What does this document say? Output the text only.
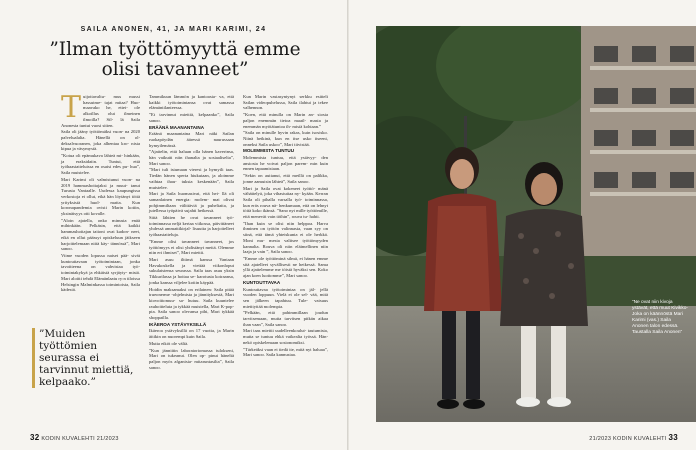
SAILA ANONEN, 41, JA MARI KARIMI, 24
”Ilman työttömyyttä emme olisi tavanneet”
T uijottavaltu- mus mussi hassutme- tajat mitaa? Huo- maavako he, ettei- ole alkoillus olut ilmeinen ilmoilla? Sil- lä Saila Anonesta tuntui vuosi sitten.

Saila oli jääny työttömäksi vuon- na 2020 palvelualalta. Hänellä on ol- deksalvuoranen, joka alhentaa kro- nista kipua ja väsymystä.

”Kotua oli epämukava lähteä mi- hinkään, ja eraksidaiin. Tuntui, että työhaastatteluissa en osaisi edes pu- hua”, Saila muistelee.

Mari Karimi oli valmistunut vuon- na 2019 hammashoitajaksi ja muut- tanut Turusta Vantaalle. Uudessa kaupungissa verkostoja ei ollut, eikä hän löytänyt töitä yrityksistä huol- matta. Kun koronapandemia ovisti Marin kotiin, yksinäisyys otti kovalle.

”Aloin ajatella, onko minusta enää mihinkään. Pelkäsin, että kaikki hammashoitajan taitoni ovat kadon- neet, eikä en ollut päässyt opiskeluun jäikseen harjoittelemaan niitä käy- tännössä”, Mari sanoo.

Viime vuoden lopussa naiset pää- sivät kuntouttavaan työtoimintaan, jonka tavoitteena on vahvistaa työ- toimintakykyä ja ehkäistä syrjäyty- mistä. Mari aloitti tehdä Elämänlaatu ry:n tiloissa Helsingin Malminkassa toimintoista, Saila kädestä.

Tammikuun lämmön ja kantoasta- va, että kaikki työtoimintansa ovat samassa elämäntilanteessa.

”Et tarvinnut miettiä, kelpaanko”, Saila sanoo.

ERÄÄNÄ MAANANTAINA

Eräänä maanantaina Mari näki Sailan ruokapöydän ääressä naurussaan hymyilemässä.

”Ajattelin, että haluan olla hänen kaverinsa, hän vaikutti niin ihanalta ja sosiaaliselta”, Mari sanoo.

”Mari tuli istumaan vieresi ja hymyili taas. Tiedän hänen sperta hiukutaan, ja aloimme vaihtaa ihau- tuksia keskenään”, Saila muistelee.

Mari ja Saila huomasivat, että hei- llä oli samanlainen energia: molem- mat olivat pohjimmiltaan välittäviä ja puheliaita, ja jutellessa työpäivä sujahti hetkessä.

Siitä lähtien he ovat tavanneet työ- toiminnassa neljä kertaa viikossa, päivittäneet yhdessä ammattikirjal- lisuutta ja harjoitelleet työhaastatteluja.

”Emme olisi tavanneet tavanneet, jos työttömyys ei olisi yhdistänyt meitä. Olemme niin eri ihmiset”, Mari miettii.

Mari asuu ilttimä kanssa Vantaan Havukoskella ja viettää viikonloput sukulaistensa seurassa. Saila taas asuu yksin Tikkurilassa ja hoitaa se- karotusta koiraansa, jonka kanssa viljelee kotiin käypää.

Hoidin maksamaksi on erilainen: Saila pitää trueonerme -ohjelmista ja jännityksestä, Mari kiovoittomuu- sa- hutuu. Saila kuuntelee rauhoitteluta ja tykkää muistella, Mari K-pop- pia. Saila sanoo olevansa pihi, Mari tykkää shoppailla.

IKÄEROA YSTÄVYKSILLÄ

Ikäeroa ystävyksillä on 17 vuotta, ja Marin äitikin on nuorempi kuin Saila.

Mutta eiköt ole väliä.

”Kun jänniitin laboratoriomassa tulokseni, Mari on tukeanut. Olen op- pinut häneltä paljon myös afganisia- mitaruntasilta”, Saila sanoo.

Kun Marin vastasyntynyt serkku esitteli Sailan videopuhelussa, Saila ilahtui ja tekee valhennon.

”Koen, että minulla on Marin an- siosta paljon enemmän tietoa maail- masta ja enemmän myötätuntoa ih- misiä kohtaan.”

”Saila on minulle hyvin rakas, kuin isosisko. Niinä hetkinä, kun en itse usko itseeni, onneksi Saila uskoo”, Mari tiivistää.

MOLEMMISTA TUNTUU

Molemmista tuntuu, että ystävyy- den ansiosta he voivat paljon parem- min kuin ennen tapaamistaan.

”Sekin on auttanut, että meillä on palikka, jonne aamuisin lähteä”, Saila sanoo.

Mari ja Saila ovat kokeneet työttö- mänä vähättelyä, joka vihastuttaa ny- kyään. Kerran Saila oli pihalla varsalla työ- toiminnassa, kun eräs rouva nä- henkumaan, että on lehnyt töitä koko ikänsä. ”Sano nyt mille työttömille, että menevät vain töihin”, rouva tu- hahti.

”Ihan kuin se olisi niin helppoa. Harva ihminen on työtön valinnasta, vaan syy on siinä, että tämä yhteiskunta ei ole herkkä. Moni mu- mesta valitsee työttömyyden kannalta. Rouva oli niin eläimellinen niin laaja ja vain ”, Saila sanoo.

”Emme ole työttöminä silmä, et hänen emme sitä ajatelleet syvällisesti ne hetkessä. Sama yllä ajattelemme me töistä hyväksi sen. Koko ajan koen luottomme”, Mari sanoo.

KUNTOUTTAVAA

Kuntouttavaa työtoimintaa on jäl- jellä vuoden loppuun. Vielä ei ole sel- vää, mitä sen jälkeen tapahtuu. Tule- vaisuus mietityttää molempia.

”Pelkään, että pahimmillaan joudun tarvitsemaan, mutta tarvitsen pitkän aikaa ihan vaan”, Saila sanoo.

Mari taas miettii uudelleenkoulut- tautumista, mutta se tuntuu ehkä vaikealta työssä. Hän- nekö opiskelemaan sosionomiksi.

”Tärkeäksi vaan ei tiedä ite, mitä nyt haluaa”, Mari sanoo. Saila kannustaa.

”Muiden työttömien seurassa ei tarvinnut miettiä, kelpaako.”
32 KODIN KUVALEHTI 21/2023
”Ne ovat niin kivoja ystävät, että muut Kivikko- Joka on käännöstä Mari Karimi (vas.) Saila Anonen talon edessä. Taustalla Saila Anonen”
21/2023 KODIN KUVALEHTI 33
